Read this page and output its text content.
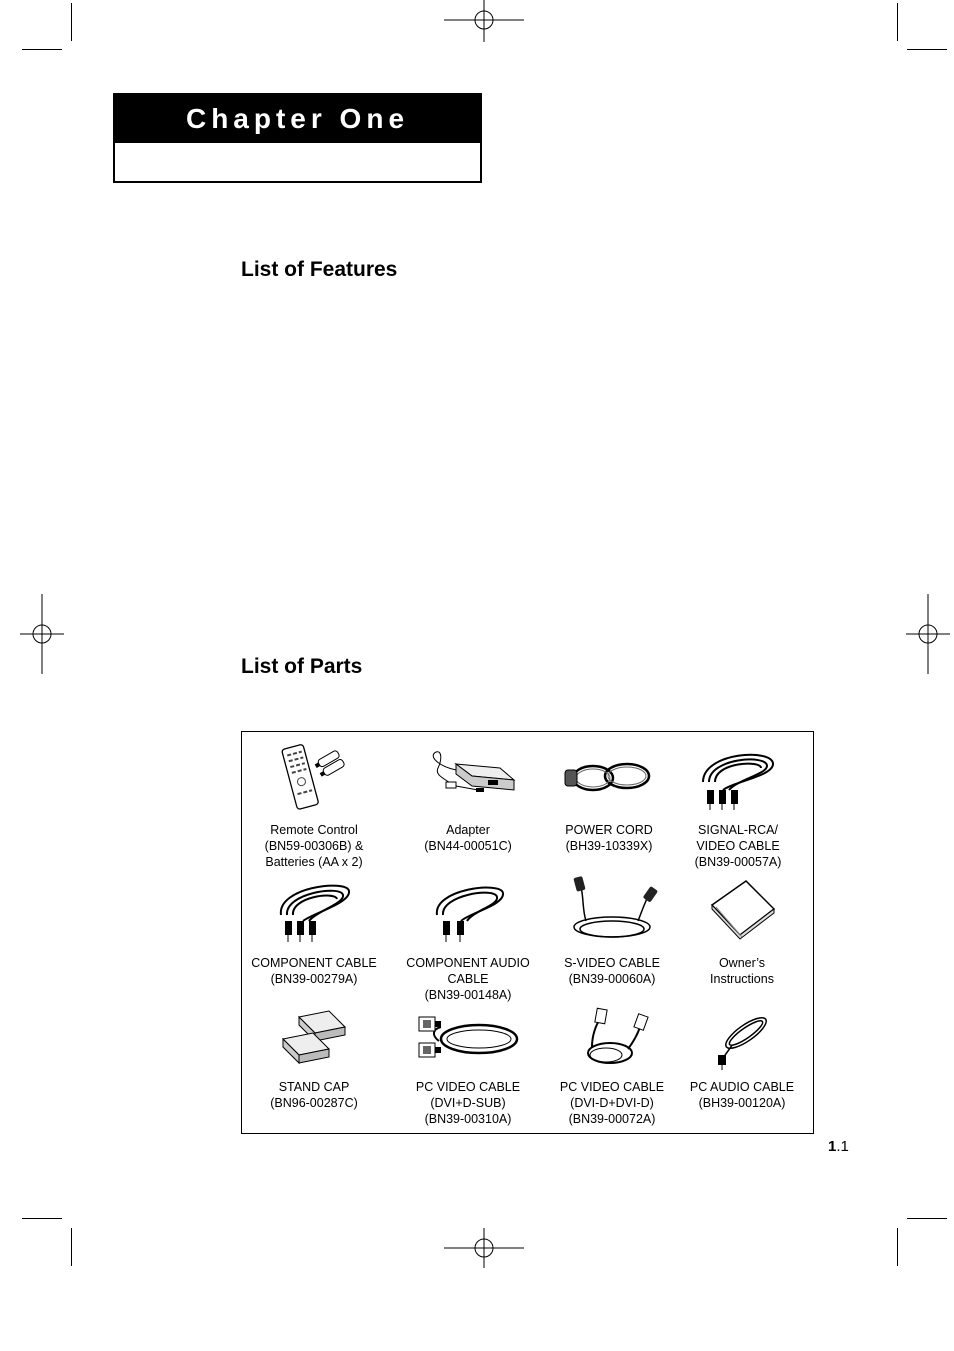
Chapter One
List of Features
List of Parts
Remote Control
(BN59-00306B) &
Batteries (AA x 2)
Adapter
(BN44-00051C)
POWER CORD
(BH39-10339X)
SIGNAL-RCA/
VIDEO CABLE
(BN39-00057A)
COMPONENT CABLE
(BN39-00279A)
COMPONENT AUDIO
CABLE
(BN39-00148A)
S-VIDEO CABLE
(BN39-00060A)
Owner’s
Instructions
STAND CAP
(BN96-00287C)
PC VIDEO CABLE
(DVI+D-SUB)
(BN39-00310A)
PC VIDEO CABLE
(DVI-D+DVI-D)
(BN39-00072A)
PC AUDIO CABLE
(BH39-00120A)
1.1
